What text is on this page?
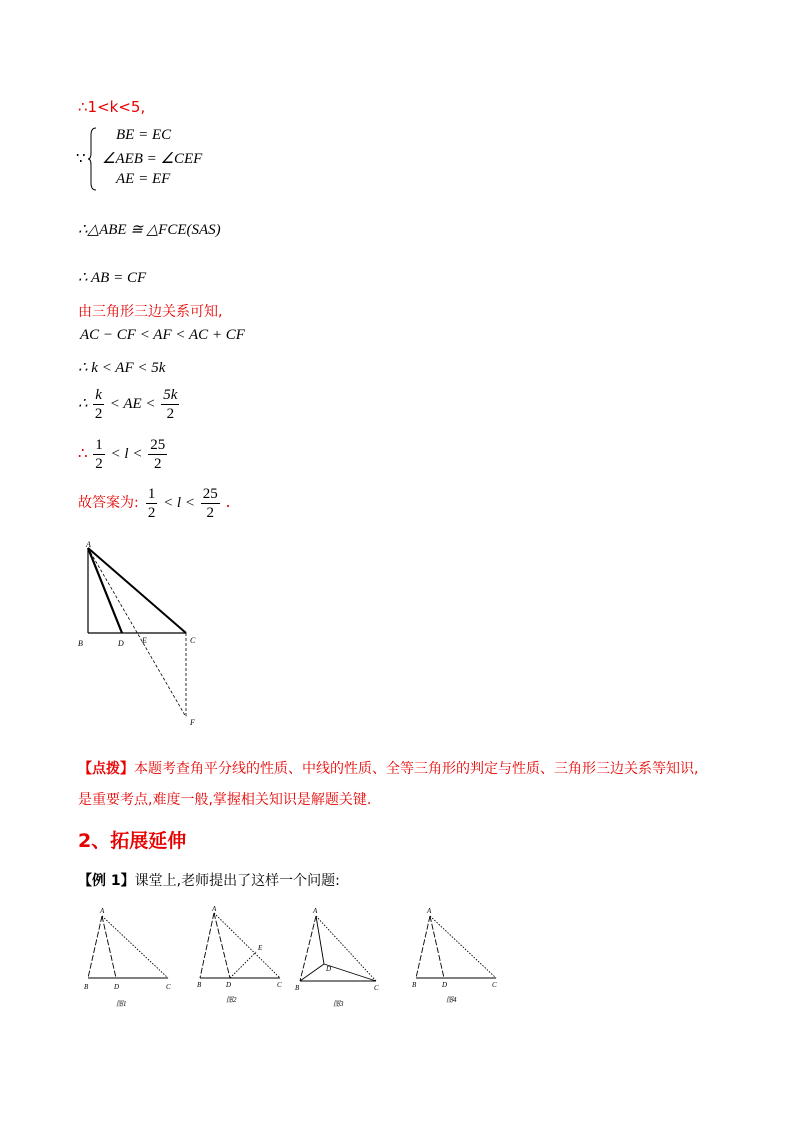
∴1<k<5,
∵
BE = EC
∠AEB = ∠CEF
AE = EF
∴△ABE ≅ △FCE(SAS)
∴ AB = CF
由三角形三边关系可知,
AC − CF < AF < AC + CF
∴ k < AF < 5k
∴ $\frac{k}{2}$ < AE < $\frac{5k}{2}$
∴ $\frac{1}{2} < l < \frac{25}{2}$
故答案为: $\frac{1}{2} < l < \frac{25}{2}$ .
A
B	D E	C
F
【点拨】本题考查角平分线的性质、中线的性质、全等三角形的判定与性质、三角形三边关系等知识,
是重要考点,难度一般,掌握相关知识是解题关键.
2、拓展延伸
【例 1】课堂上,老师提出了这样一个问题:
A
B	D	C
A
B	D
E
C
A
B
D
C
A
B	D	C
图1	图2	图3	图4
